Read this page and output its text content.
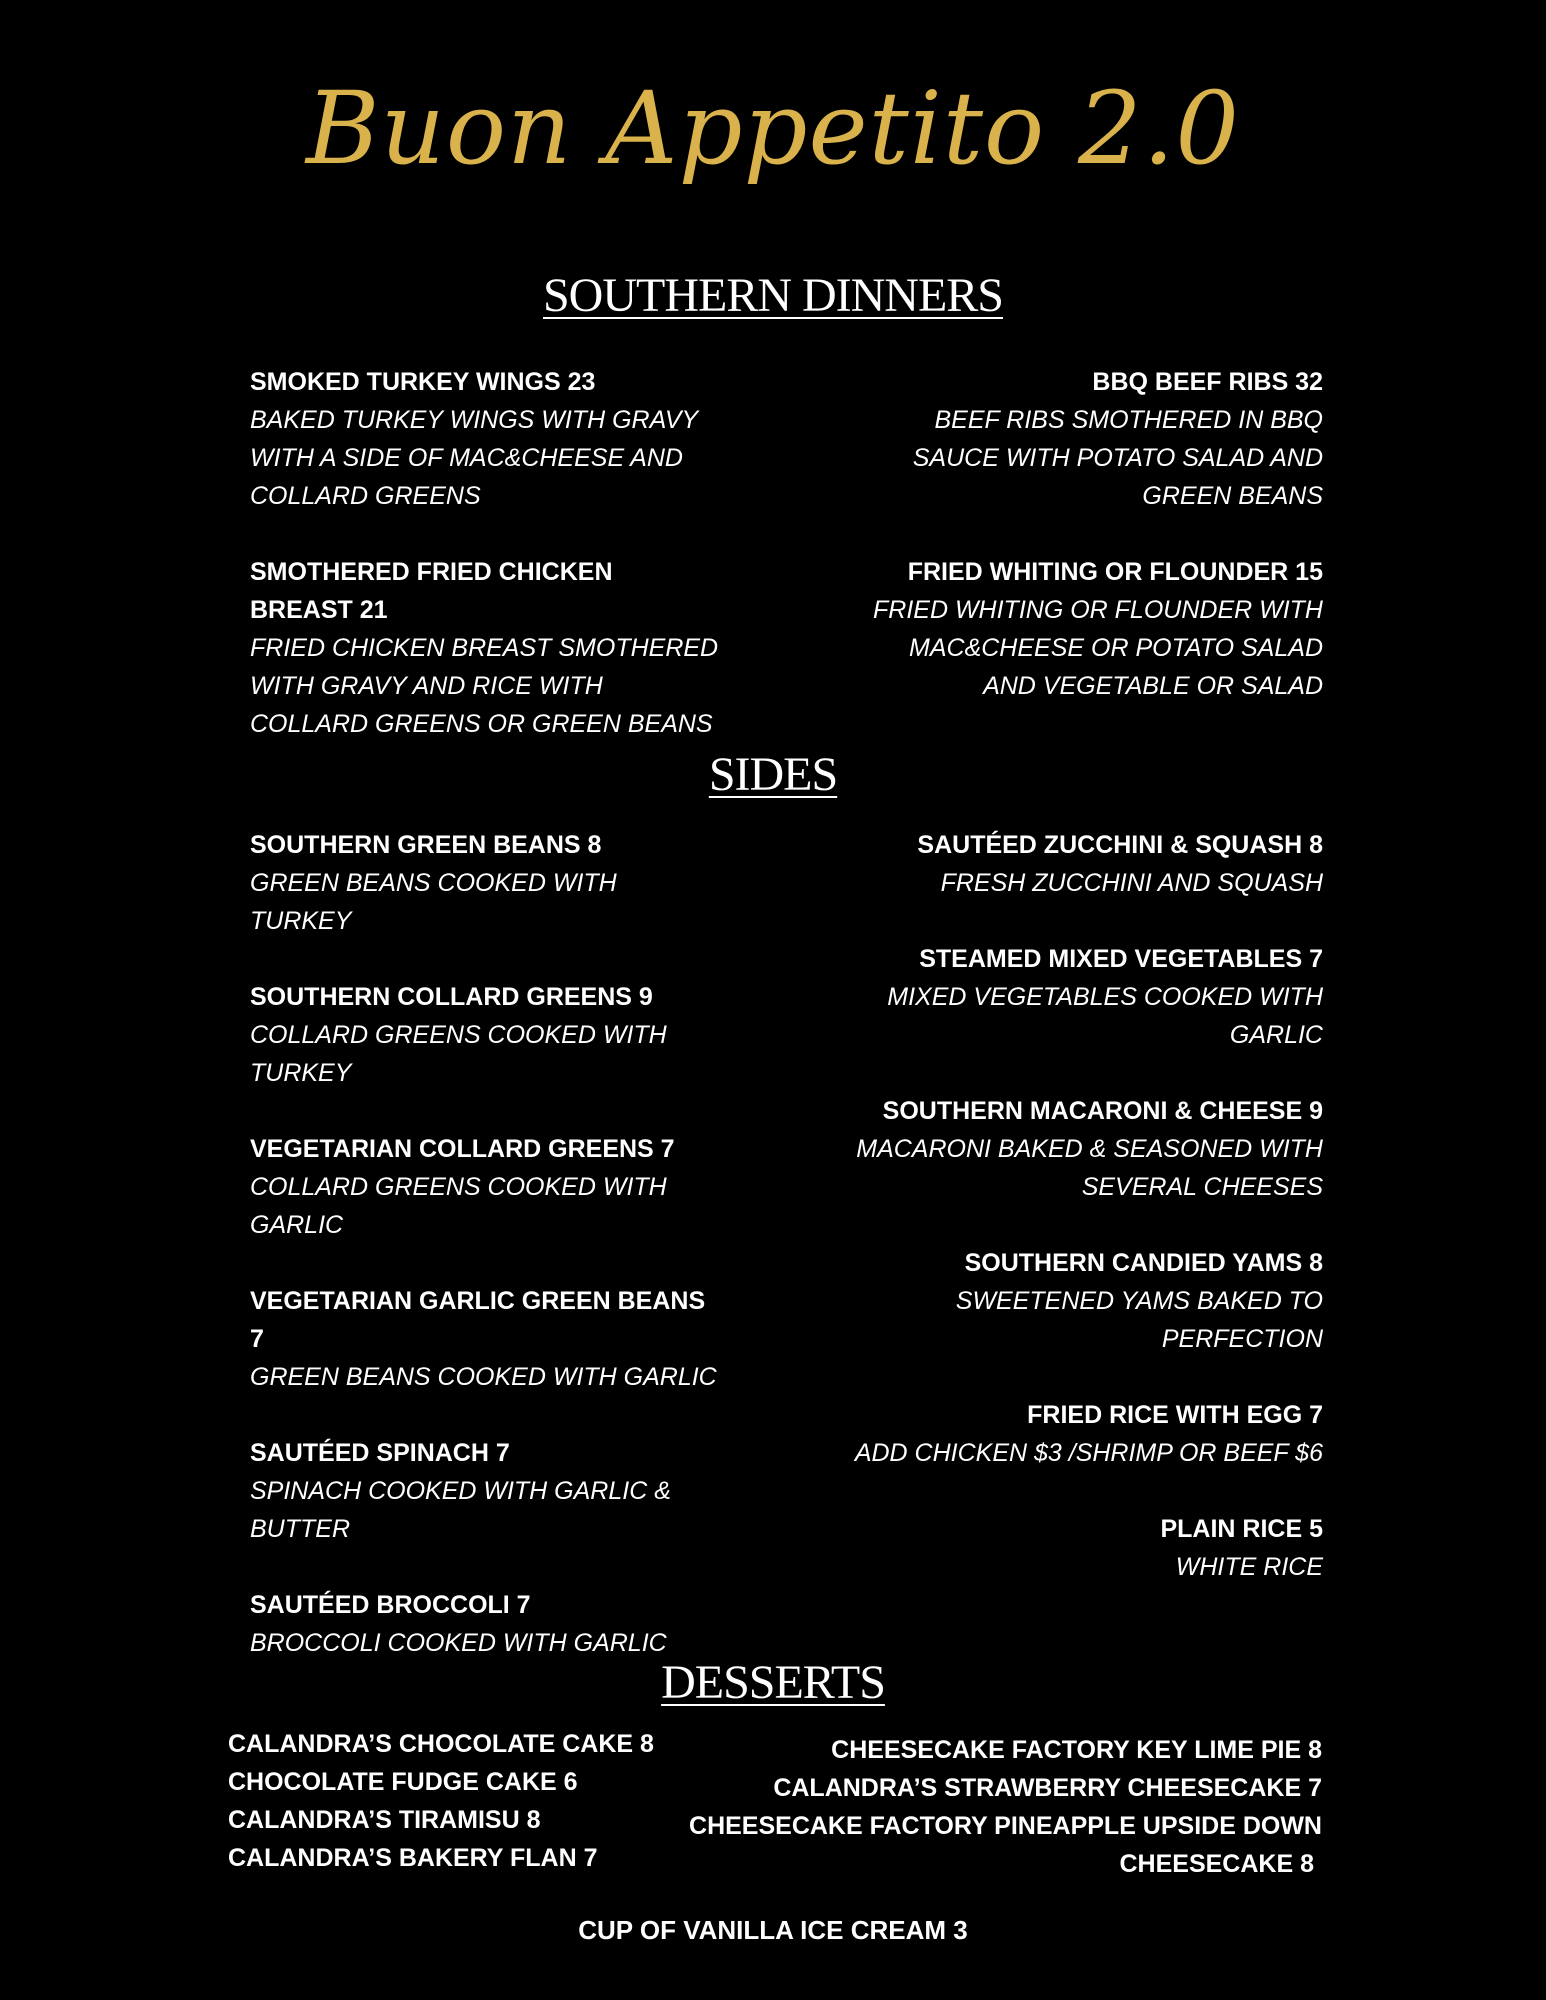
Buon Appetito 2.0
SOUTHERN DINNERS
SMOKED TURKEY WINGS 23
BAKED TURKEY WINGS WITH GRAVY WITH A SIDE OF MAC&CHEESE AND COLLARD GREENS
SMOTHERED FRIED CHICKEN BREAST 21
FRIED CHICKEN BREAST SMOTHERED WITH GRAVY AND RICE WITH COLLARD GREENS OR GREEN BEANS
BBQ BEEF RIBS 32
BEEF RIBS SMOTHERED IN BBQ SAUCE WITH POTATO SALAD AND GREEN BEANS
FRIED WHITING OR FLOUNDER 15
FRIED WHITING OR FLOUNDER WITH MAC&CHEESE OR POTATO SALAD AND VEGETABLE OR SALAD
SIDES
SOUTHERN GREEN BEANS 8
GREEN BEANS COOKED WITH TURKEY
SOUTHERN COLLARD GREENS 9
COLLARD GREENS COOKED WITH TURKEY
VEGETARIAN COLLARD GREENS 7
COLLARD GREENS COOKED WITH GARLIC
VEGETARIAN GARLIC GREEN BEANS 7
GREEN BEANS COOKED WITH GARLIC
SAUTÉED SPINACH 7
SPINACH COOKED WITH GARLIC & BUTTER
SAUTÉED BROCCOLI 7
BROCCOLI COOKED WITH GARLIC
SAUTÉED ZUCCHINI & SQUASH 8
FRESH ZUCCHINI AND SQUASH
STEAMED MIXED VEGETABLES 7
MIXED VEGETABLES COOKED WITH GARLIC
SOUTHERN MACARONI & CHEESE 9
MACARONI BAKED & SEASONED WITH SEVERAL CHEESES
SOUTHERN CANDIED YAMS 8
SWEETENED YAMS BAKED TO PERFECTION
FRIED RICE WITH EGG 7
ADD CHICKEN $3 /SHRIMP OR BEEF $6
PLAIN RICE 5
WHITE RICE
DESSERTS
CALANDRA’S CHOCOLATE CAKE 8
CHOCOLATE FUDGE CAKE 6
CALANDRA’S TIRAMISU 8
CALANDRA’S BAKERY FLAN 7
CHEESECAKE FACTORY KEY LIME PIE 8
CALANDRA’S STRAWBERRY CHEESECAKE 7
CHEESECAKE FACTORY PINEAPPLE UPSIDE DOWN
CHEESECAKE 8
CUP OF VANILLA ICE CREAM 3
